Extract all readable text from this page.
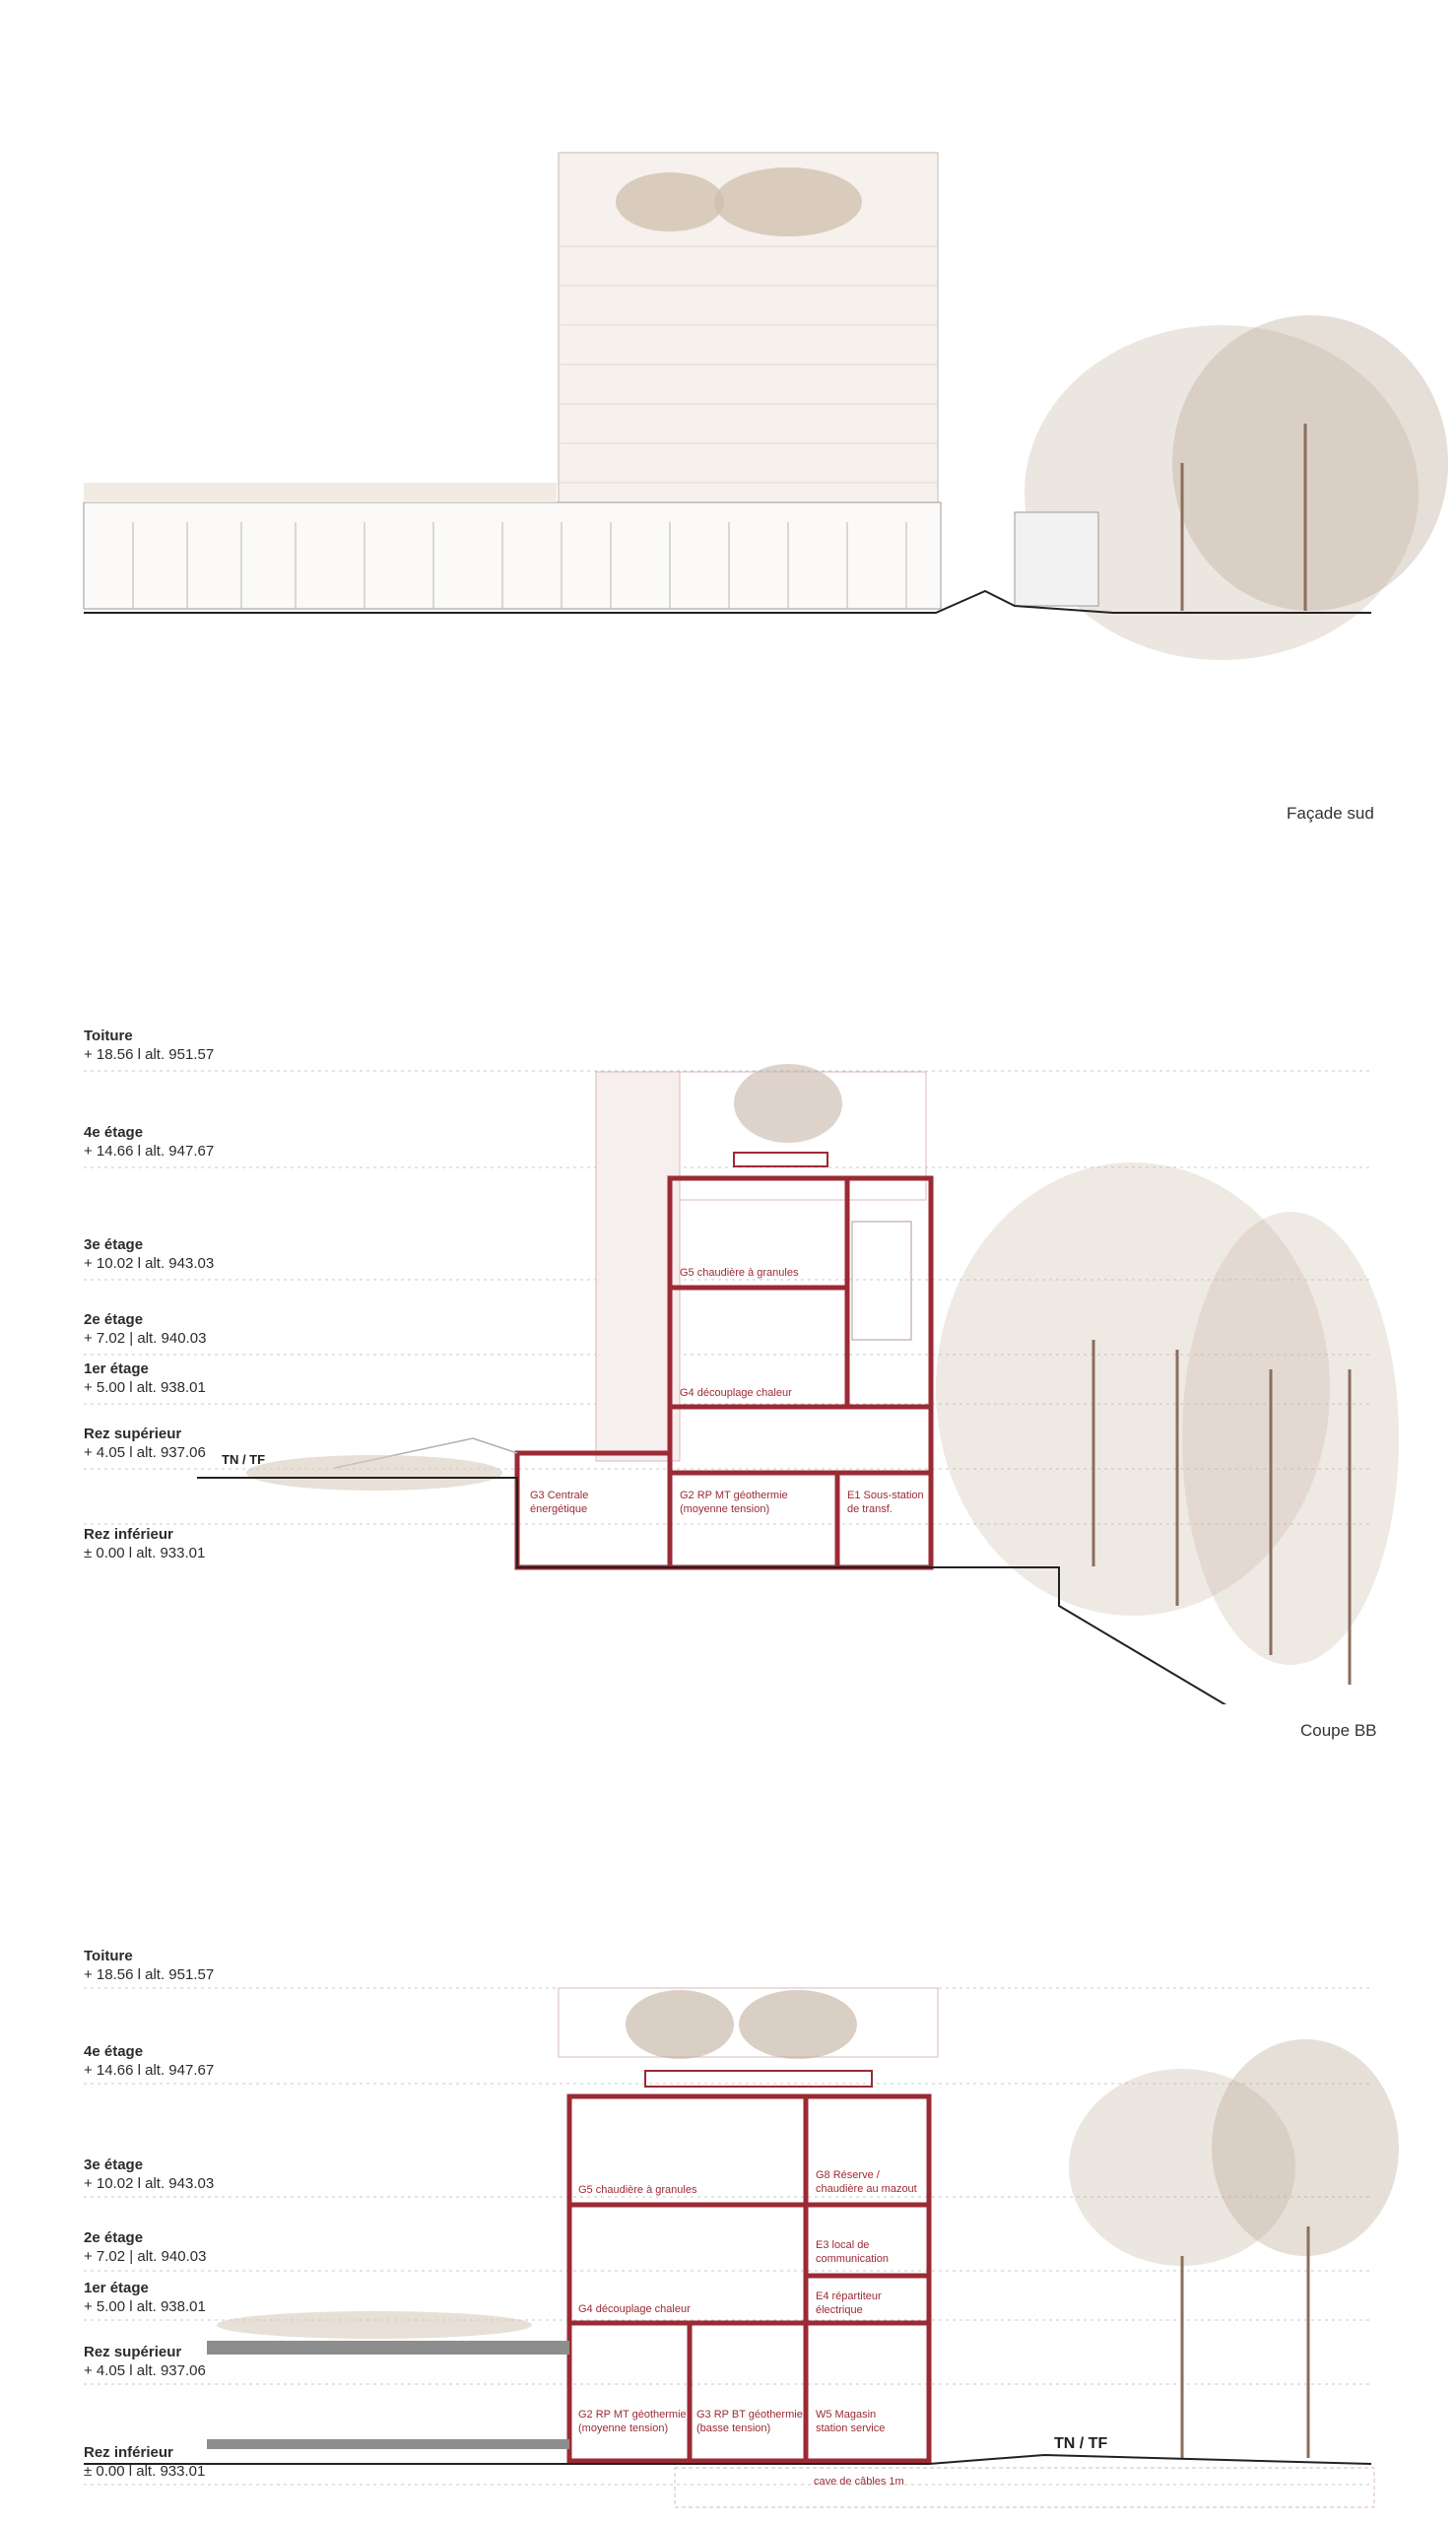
Façade sud
Toiture
+ 18.56 l alt. 951.57
4e étage
+ 14.66 l alt. 947.67
3e étage
+ 10.02 l alt. 943.03
2e étage
+ 7.02 | alt. 940.03
1er étage
+ 5.00 l alt. 938.01
Rez supérieur
+ 4.05 l alt. 937.06
Rez inférieur
± 0.00 l alt. 933.01
TN / TF
G5 chaudière à granules
G4 découplage chaleur
G3 Centrale
énergétique
G2 RP MT géothermie
(moyenne tension)
E1 Sous-station
de transf.
Coupe BB
Toiture
+ 18.56 l alt. 951.57
4e étage
+ 14.66 l alt. 947.67
3e étage
+ 10.02 l alt. 943.03
2e étage
+ 7.02 | alt. 940.03
1er étage
+ 5.00 l alt. 938.01
Rez supérieur
+ 4.05 l alt. 937.06
Rez inférieur
± 0.00 l alt. 933.01
TN / TF
G5 chaudière à granules
G8 Réserve /
chaudière au mazout
E3 local de
communication
G4 découplage chaleur
E4 répartiteur
électrique
G2 RP MT géothermie
(moyenne tension)
G3 RP BT géothermie
(basse tension)
W5 Magasin
station service
cave de câbles 1m
